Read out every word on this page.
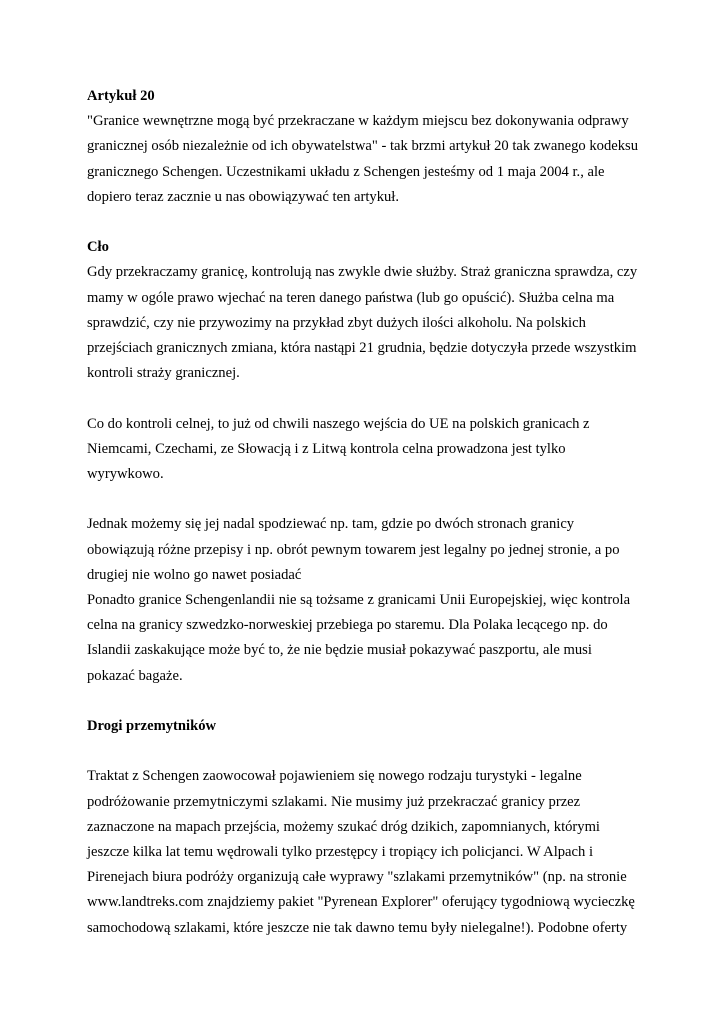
Artykuł 20
"Granice wewnętrzne mogą być przekraczane w każdym miejscu bez dokonywania odprawy
granicznej osób niezależnie od ich obywatelstwa" - tak brzmi artykuł 20 tak zwanego kodeksu
granicznego Schengen. Uczestnikami układu z Schengen jesteśmy od 1 maja 2004 r., ale
dopiero teraz zacznie u nas obowiązywać ten artykuł.
Cło
Gdy przekraczamy granicę, kontrolują nas zwykle dwie służby. Straż graniczna sprawdza, czy
mamy w ogóle prawo wjechać na teren danego państwa (lub go opuścić). Służba celna ma
sprawdzić, czy nie przywozimy na przykład zbyt dużych ilości alkoholu. Na polskich
przejściach granicznych zmiana, która nastąpi 21 grudnia, będzie dotyczyła przede wszystkim
kontroli straży granicznej.
Co do kontroli celnej, to już od chwili naszego wejścia do UE na polskich granicach z
Niemcami, Czechami, ze Słowacją i z Litwą kontrola celna prowadzona jest tylko
wyrywkowo.
Jednak możemy się jej nadal spodziewać np. tam, gdzie po dwóch stronach granicy
obowiązują różne przepisy i np. obrót pewnym towarem jest legalny po jednej stronie, a po
drugiej nie wolno go nawet posiadać
Ponadto granice Schengenlandii nie są tożsame z granicami Unii Europejskiej, więc kontrola
celna na granicy szwedzko-norweskiej przebiega po staremu. Dla Polaka lecącego np. do
Islandii zaskakujące może być to, że nie będzie musiał pokazywać paszportu, ale musi
pokazać bagaże.
Drogi przemytników
Traktat z Schengen zaowocował pojawieniem się nowego rodzaju turystyki - legalne
podróżowanie przemytniczymi szlakami. Nie musimy już przekraczać granicy przez
zaznaczone na mapach przejścia, możemy szukać dróg dzikich, zapomnianych, którymi
jeszcze kilka lat temu wędrowali tylko przestępcy i tropiący ich policjanci. W Alpach i
Pirenejach biura podróży organizują całe wyprawy "szlakami przemytników" (np. na stronie
www.landtreks.com znajdziemy pakiet "Pyrenean Explorer" oferujący tygodniową wycieczkę
samochodową szlakami, które jeszcze nie tak dawno temu były nielegalne!). Podobne oferty
